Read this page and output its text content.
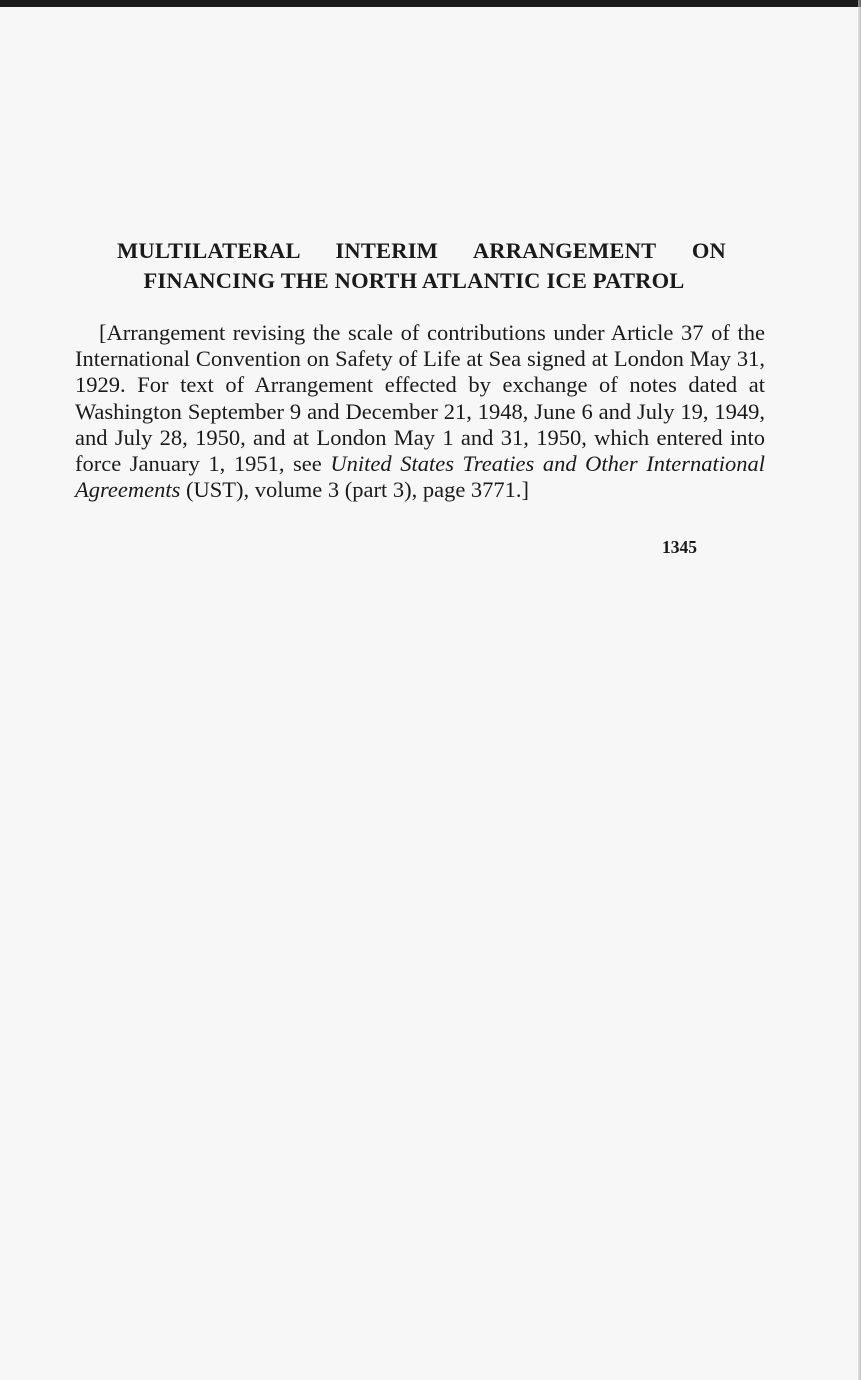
MULTILATERAL INTERIM ARRANGEMENT ON
FINANCING THE NORTH ATLANTIC ICE PATROL

[Arrangement revising the scale of contributions under Article 37 of the International Convention on Safety of Life at Sea signed at London May 31, 1929. For text of Arrangement effected by exchange of notes dated at Washington September 9 and December 21, 1948, June 6 and July 19, 1949, and July 28, 1950, and at London May 1 and 31, 1950, which entered into force January 1, 1951, see United States Treaties and Other International Agreements (UST), volume 3 (part 3), page 3771.]

1345
